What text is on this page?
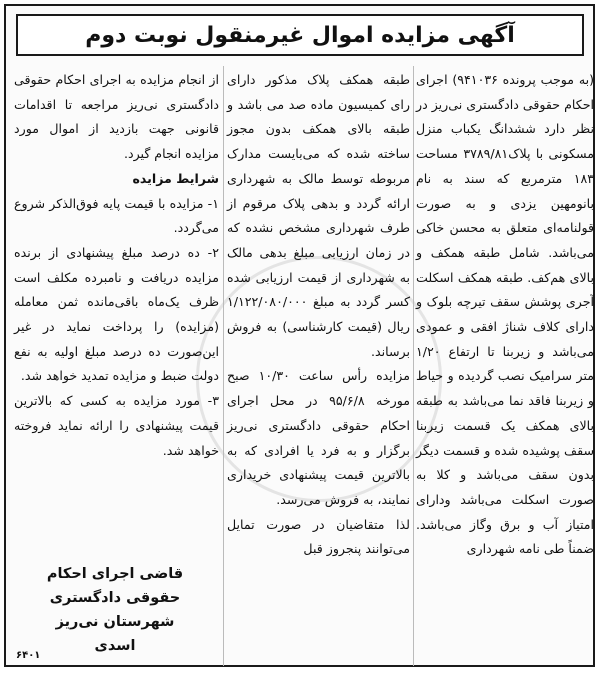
آگهی مزایده اموال غیرمنقول نوبت دوم

(به موجب پرونده ۹۴۱۰۳۶) اجرای احکام حقوقی دادگستری نی‌ریز در نظر دارد ششدانگ یکباب منزل مسکونی با پلاک۳۷۸۹/۸۱ مساحت ۱۸۳ مترمربع که سند به نام بانومهین یزدی و به صورت قولنامه‌ای متعلق به محسن خاکی می‌باشد. شامل طبقه همکف و بالای هم‌کف. طبقه همکف اسکلت آجری پوشش سقف تیرچه بلوک و دارای کلاف شناژ افقی و عمودی می‌باشد و زیربنا تا ارتفاع ۱/۲۰ متر سرامیک نصب گردیده و حیاط و زیربنا فاقد نما می‌باشد به طبقه بالای همکف یک قسمت زیربنا سقف پوشیده شده و قسمت دیگر بدون سقف می‌باشد و کلا به صورت اسکلت می‌باشد ودارای امتیاز آب و برق وگاز می‌باشد. ضمناً طی نامه شهرداری

طبقه همکف پلاک مذکور دارای رای کمیسیون ماده صد می باشد و طبقه بالای همکف بدون مجوز ساخته شده که می‌بایست مدارک مربوطه توسط مالک به شهرداری ارائه گردد و بدهی پلاک مرقوم از طرف شهرداری مشخص نشده که در زمان ارزیابی مبلغ بدهی مالک به شهرداری از قیمت ارزیابی شده کسر گردد به مبلغ ۱/۱۲۲/۰۸۰/۰۰۰ ریال (قیمت کارشناسی) به فروش برساند.

مزایده رأس ساعت ۱۰/۳۰ صبح مورخه ۹۵/۶/۸ در محل اجرای احکام حقوقی دادگستری نی‌ریز برگزار و به فرد یا افرادی که به بالاترین قیمت پیشنهادی خریداری نمایند، به فروش می‌رسد.

لذا متقاضیان در صورت تمایل می‌توانند پنجروز قبل

از انجام مزایده به اجرای احکام حقوقی دادگستری نی‌ریز مراجعه تا اقدامات قانونی جهت بازدید از اموال مورد مزایده انجام گیرد.

شرایط مزایده

۱- مزایده با قیمت پایه فوق‌الذکر شروع می‌گردد.

۲- ده درصد مبلغ پیشنهادی از برنده مزایده دریافت و نامبرده مکلف است ظرف یک‌ماه باقی‌مانده ثمن معامله (مزایده) را پرداخت نماید در غیر این‌صورت ده درصد مبلغ اولیه به نفع دولت ضبط و مزایده تمدید خواهد شد.

۳- مورد مزایده به کسی که بالاترین قیمت پیشنهادی را ارائه نماید فروخته خواهد شد.

قاضی اجرای احکام
حقوقی دادگستری
شهرستان نی‌ریز
اسدی
۶۴۰۱
